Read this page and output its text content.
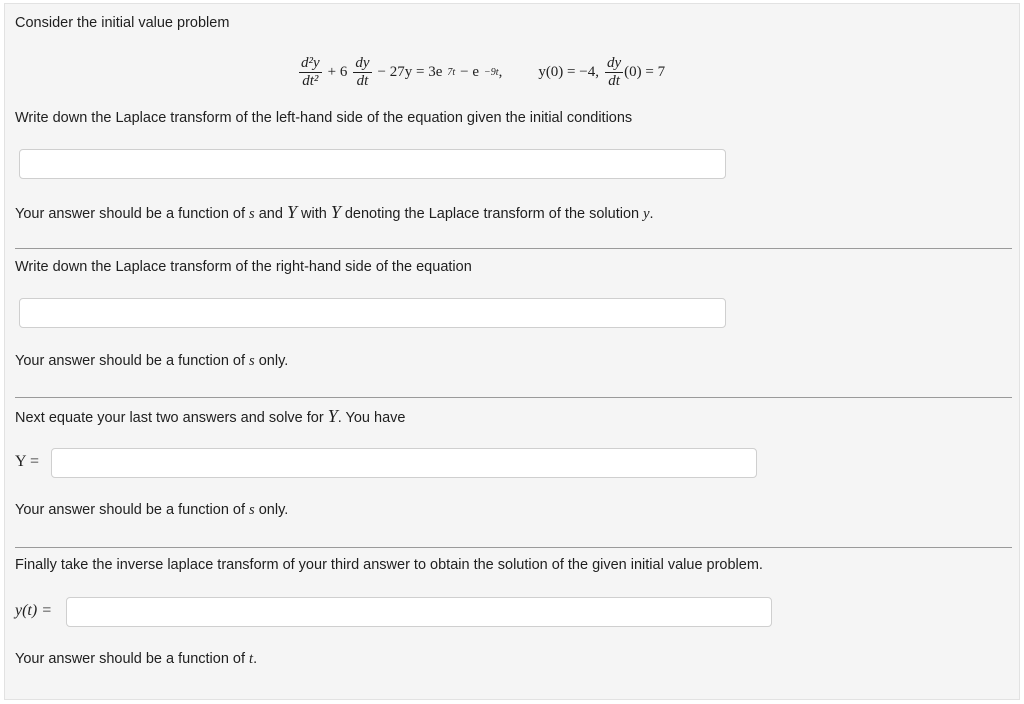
Consider the initial value problem
$\frac{\text{d²y}}{\text{dt²}} + 6 \frac{dy}{dt} - 27y = 3e$ 7t − e −9t , y(0) = −4, $\frac{dy}{dt} (0) = 7$
Write down the Laplace transform of the left-hand side of the equation given the initial conditions
Your answer should be a function of s and Y with Y denoting the Laplace transform of the solution y.
Write down the Laplace transform of the right-hand side of the equation
Your answer should be a function of s only.
Next equate your last two answers and solve for Y. You have
Y =
Your answer should be a function of s only.
Finally take the inverse laplace transform of your third answer to obtain the solution of the given initial value problem.
y(t) =
Your answer should be a function of t.
